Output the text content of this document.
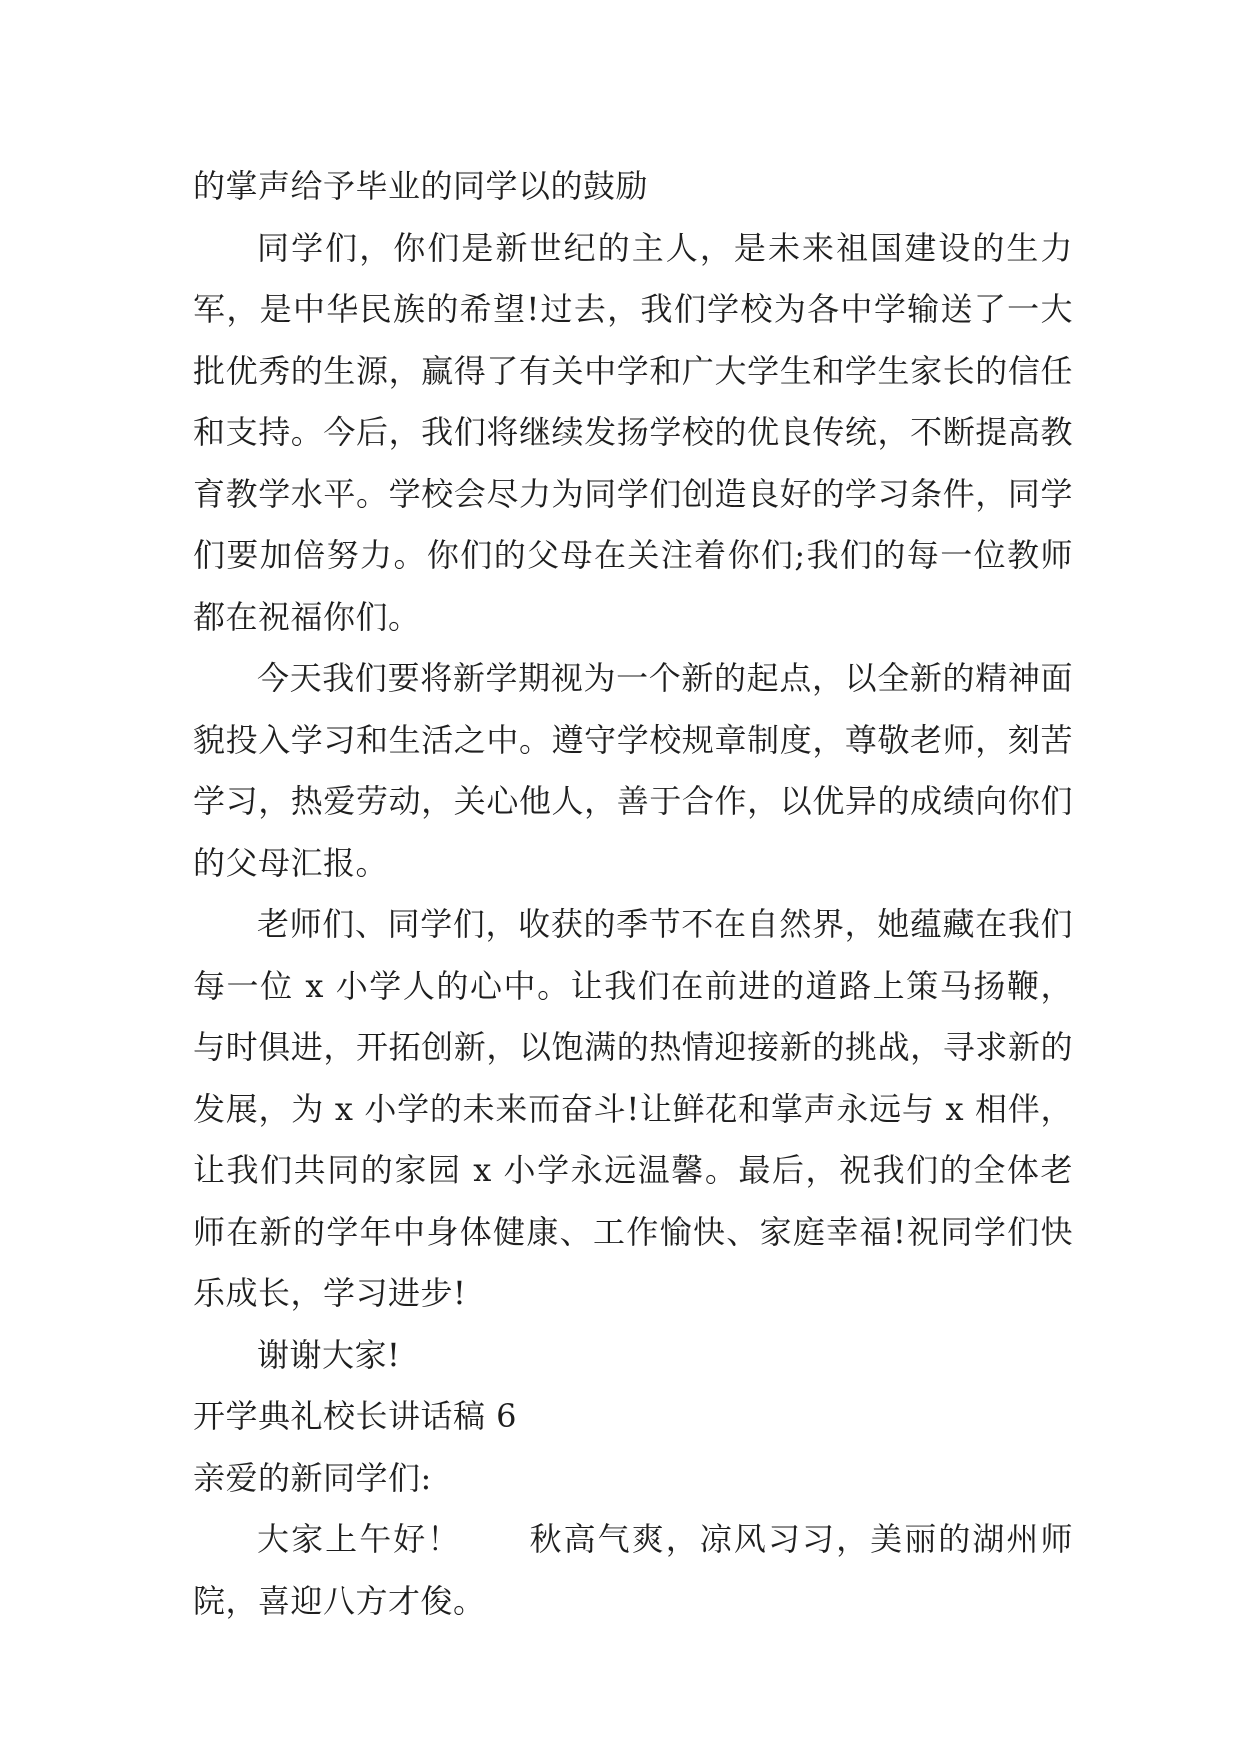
的掌声给予毕业的同学以的鼓励

同学们，你们是新世纪的主人，是未来祖国建设的生力军，是中华民族的希望!过去，我们学校为各中学输送了一大批优秀的生源，赢得了有关中学和广大学生和学生家长的信任和支持。今后，我们将继续发扬学校的优良传统，不断提高教育教学水平。学校会尽力为同学们创造良好的学习条件，同学们要加倍努力。你们的父母在关注着你们;我们的每一位教师都在祝福你们。

今天我们要将新学期视为一个新的起点，以全新的精神面貌投入学习和生活之中。遵守学校规章制度，尊敬老师，刻苦学习，热爱劳动，关心他人，善于合作，以优异的成绩向你们的父母汇报。

老师们、同学们，收获的季节不在自然界，她蕴藏在我们每一位 x 小学人的心中。让我们在前进的道路上策马扬鞭，与时俱进，开拓创新，以饱满的热情迎接新的挑战，寻求新的发展，为 x 小学的未来而奋斗!让鲜花和掌声永远与 x 相伴，让我们共同的家园 x 小学永远温馨。最后，祝我们的全体老师在新的学年中身体健康、工作愉快、家庭幸福!祝同学们快乐成长，学习进步!

谢谢大家!

开学典礼校长讲话稿 6

亲爱的新同学们:

大家上午好！　　秋高气爽，凉风习习，美丽的湖州师院，喜迎八方才俊。
